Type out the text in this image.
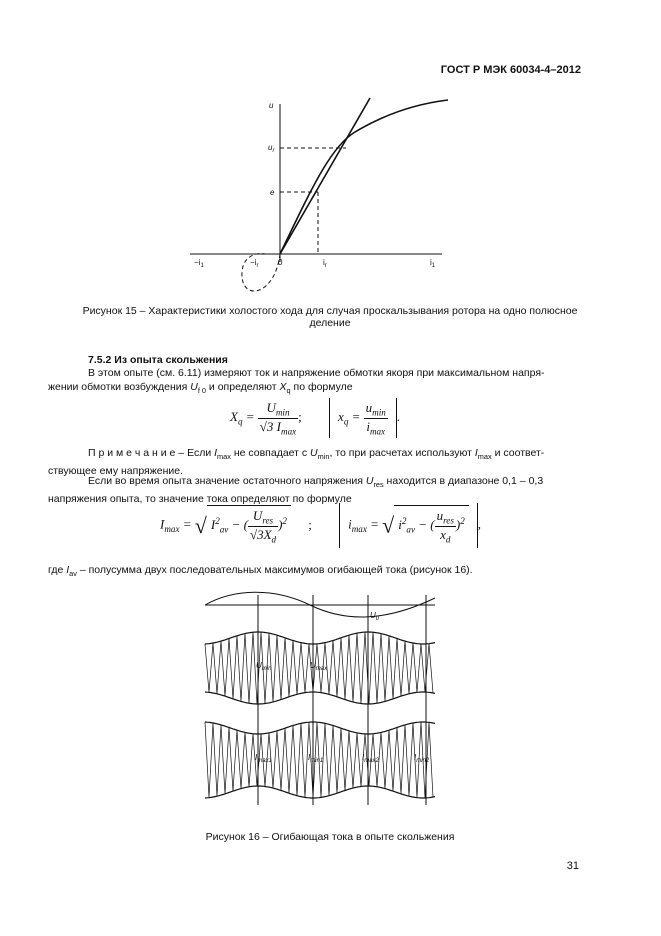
ГОСТ Р МЭК 60034-4–2012
u
$u_r$
e
$-i_1$	$-i_r$ 0	$i_r$	$i_1$
Рисунок 15 – Характеристики холостого хода для случая проскальзывания ротора на одно полюсное
деление
7.5.2 Из опыта скольжения
В этом опыте (см. 6.11) измеряют ток и напряжение обмотки якоря при максимальном напря-
жении обмотки возбуждения $U_{f 0}$ и определяют $X_q$ по формуле
$X_q = \frac{U_{min}}{√3 I_{max}}$ ;	$x_q = \frac{u_{min}}{i_{max}}$ .
П р и м е ч а н и е – Если $I_{max}$ не совпадает с $U_{min}$, то при расчетах используют $I_{max}$ и соответ-
ствующее ему напряжение.
Если во время опыта значение остаточного напряжения $U_{res}$ находится в диапазоне 0,1 – 0,3
напряжения опыта, то значение тока определяют по формуле
$I_{max}$ = √ $I^2_{av}$ − ( $\frac{U_{res}}{√3X_d} )^2$ ;	$i_{max}$ = √ $i^2_{av}$ − ( $\frac{u_{res}}{x_d} )^2$ ,
где $I_{av}$ – полусумма двух последовательных максимумов огибающей тока (рисунок 16).
$U_0$
$U_{min}$	$U_{max}$
$I_{max1}$	$I_{min1}$	$I_{max2}$	$I_{min2}$
Рисунок 16 – Огибающая тока в опыте скольжения
31
